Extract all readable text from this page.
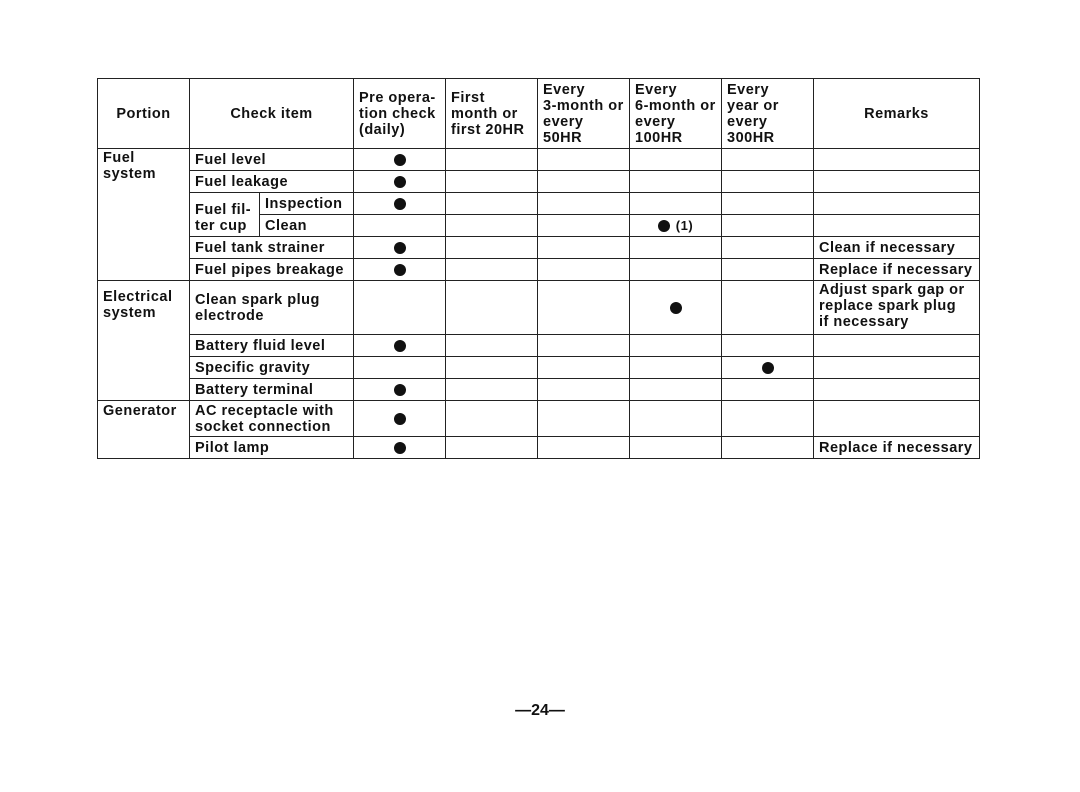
Portion	Check item		Pre opera-
tion check
(daily)	First
month or
first 20HR	Every
3-month or
every 50HR	Every
6-month or
every
100HR	Every
year or
every
300HR	Remarks
Fuel
system	Fuel level							
	Fuel leakage							
	Fuel fil-
ter cup	Inspection						
		Clean				(1)		
	Fuel tank strainer							Clean if necessary
	Fuel pipes breakage							Replace if necessary
Electrical
system	Clean spark plug
electrode							Adjust spark gap or
replace spark plug
if necessary
	Battery fluid level							
	Specific gravity							
	Battery terminal							
Generator	AC receptacle with
socket connection							
	Pilot lamp							Replace if necessary
—24—
